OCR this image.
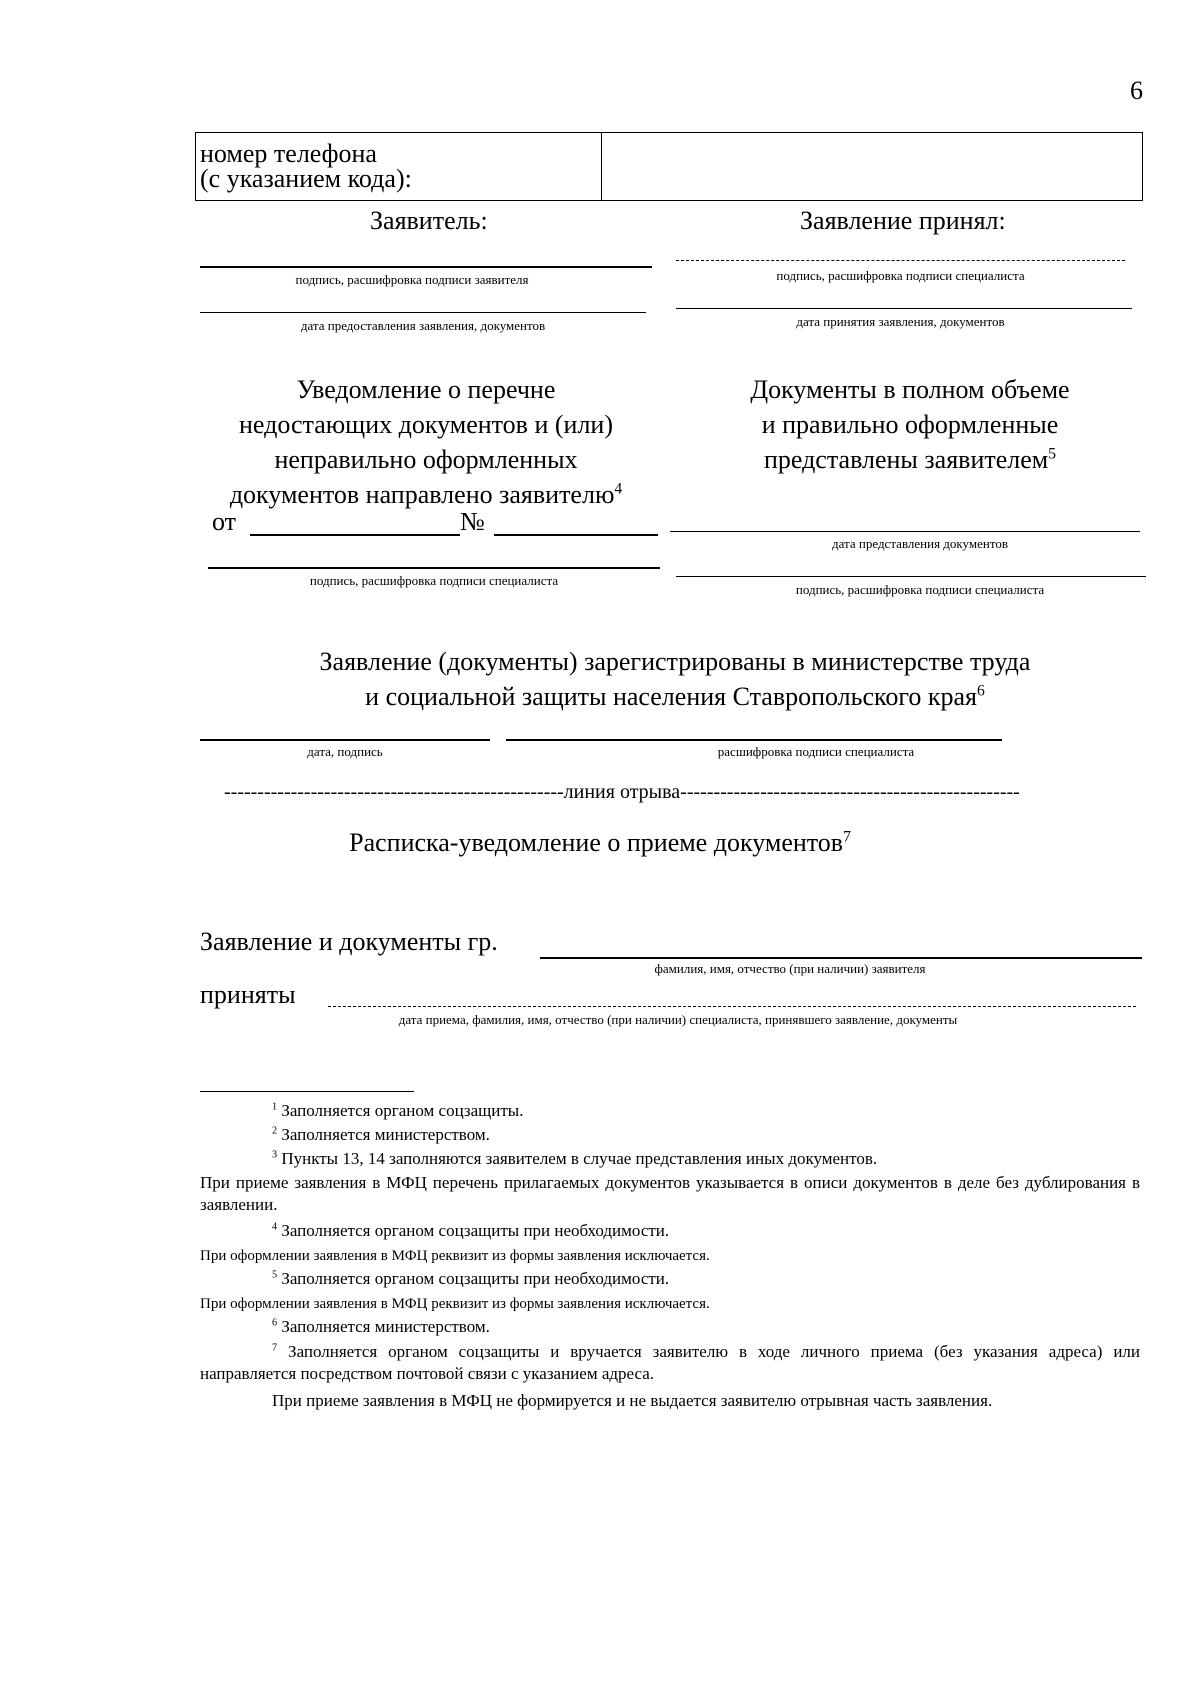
6
номер телефона
(с указанием кода):
Заявитель:	Заявление принял:
подпись, расшифровка подписи заявителя
дата предоставления заявления, документов
подпись, расшифровка подписи специалиста
дата принятия заявления, документов
Уведомление о перечне
недостающих документов и (или)
неправильно оформленных
документов направлено заявителю$^4$
от	№
подпись, расшифровка подписи специалиста
Документы в полном объеме
и правильно оформленные
представлены заявителем$^5$
дата представления документов
подпись, расшифровка подписи специалиста
Заявление (документы) зарегистрированы в министерстве труда
и социальной защиты населения Ставропольского края$^6$
дата, подпись	расшифровка подписи специалиста
---------------------------------------------------линия отрыва---------------------------------------------------
Расписка-уведомление о приеме документов$^7$
Заявление и документы гр.
фамилия, имя, отчество (при наличии) заявителя
приняты
дата приема, фамилия, имя, отчество (при наличии) специалиста, принявшего заявление, документы
$^1$ Заполняется органом соцзащиты.
$^2$ Заполняется министерством.
$^3$ Пункты 13, 14 заполняются заявителем в случае представления иных документов.
При приеме заявления в МФЦ перечень прилагаемых документов указывается в описи документов в деле без дублирования в заявлении.
$^4$ Заполняется органом соцзащиты при необходимости.
При оформлении заявления в МФЦ реквизит из формы заявления исключается.
$^5$ Заполняется органом соцзащиты при необходимости.
При оформлении заявления в МФЦ реквизит из формы заявления исключается.
$^6$ Заполняется министерством.
$^7$ Заполняется органом соцзащиты и вручается заявителю в ходе личного приема (без указания адреса) или направляется посредством почтовой связи с указанием адреса.
При приеме заявления в МФЦ не формируется и не выдается заявителю отрывная часть заявления.
